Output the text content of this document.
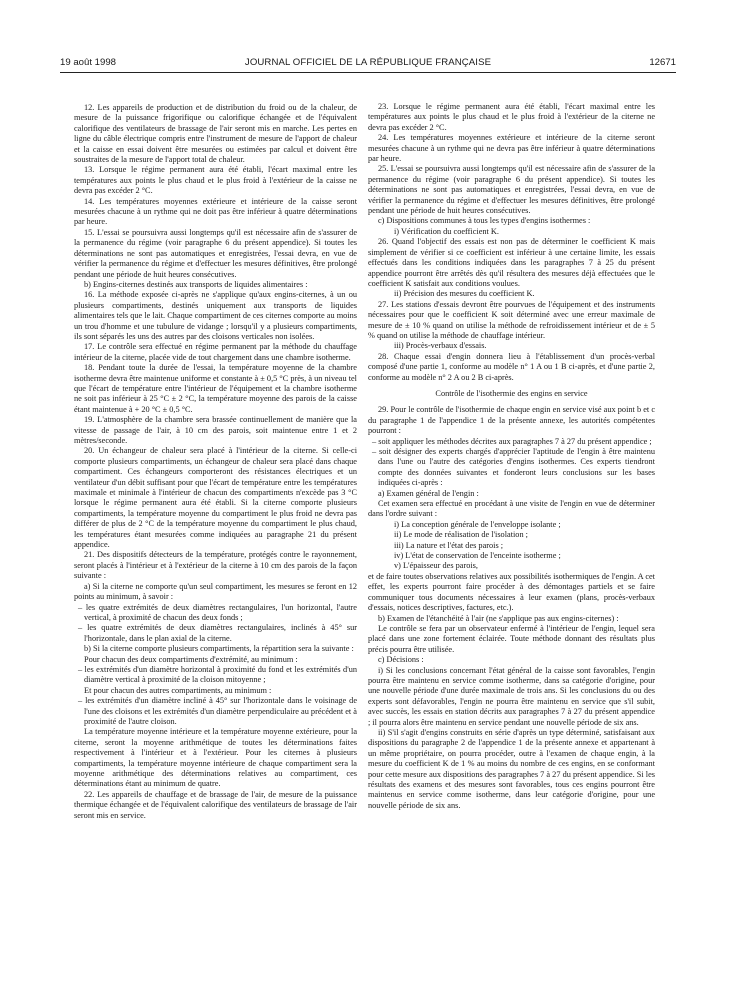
19 août 1998	JOURNAL OFFICIEL DE LA RÉPUBLIQUE FRANÇAISE	12671

12. Les appareils de production et de distribution du froid ou de la chaleur, de mesure de la puissance frigorifique ou calorifique échangée et de l'équivalent calorifique des ventilateurs de brassage de l'air seront mis en marche. Les pertes en ligne du câble électrique compris entre l'instrument de mesure de l'apport de chaleur et la caisse en essai doivent être mesurées ou estimées par calcul et doivent être soustraites de la mesure de l'apport total de chaleur.

13. Lorsque le régime permanent aura été établi, l'écart maximal entre les températures aux points le plus chaud et le plus froid à l'extérieur de la caisse ne devra pas excéder 2 °C.

14. Les températures moyennes extérieure et intérieure de la caisse seront mesurées chacune à un rythme qui ne doit pas être inférieur à quatre déterminations par heure.

15. L'essai se poursuivra aussi longtemps qu'il est nécessaire afin de s'assurer de la permanence du régime (voir paragraphe 6 du présent appendice). Si toutes les déterminations ne sont pas automatiques et enregistrées, l'essai devra, en vue de vérifier la permanence du régime et d'effectuer les mesures définitives, être prolongé pendant une période de huit heures consécutives.

b) Engins-citernes destinés aux transports de liquides alimentaires :

16. La méthode exposée ci-après ne s'applique qu'aux engins-citernes, à un ou plusieurs compartiments, destinés uniquement aux transports de liquides alimentaires tels que le lait. Chaque compartiment de ces citernes comporte au moins un trou d'homme et une tubulure de vidange ; lorsqu'il y a plusieurs compartiments, ils sont séparés les uns des autres par des cloisons verticales non isolées.

17. Le contrôle sera effectué en régime permanent par la méthode du chauffage intérieur de la citerne, placée vide de tout chargement dans une chambre isotherme.

18. Pendant toute la durée de l'essai, la température moyenne de la chambre isotherme devra être maintenue uniforme et constante à ± 0,5 °C près, à un niveau tel que l'écart de température entre l'intérieur de l'équipement et la chambre isotherme ne soit pas inférieur à 25 °C ± 2 °C, la température moyenne des parois de la caisse étant maintenue à + 20 °C ± 0,5 °C.

19. L'atmosphère de la chambre sera brassée continuellement de manière que la vitesse de passage de l'air, à 10 cm des parois, soit maintenue entre 1 et 2 mètres/seconde.

20. Un échangeur de chaleur sera placé à l'intérieur de la citerne. Si celle-ci comporte plusieurs compartiments, un échangeur de chaleur sera placé dans chaque compartiment. Ces échangeurs comporteront des résistances électriques et un ventilateur d'un débit suffisant pour que l'écart de température entre les températures maximale et minimale à l'intérieur de chacun des compartiments n'excède pas 3 °C lorsque le régime permanent aura été établi. Si la citerne comporte plusieurs compartiments, la température moyenne du compartiment le plus froid ne devra pas différer de plus de 2 °C de la température moyenne du compartiment le plus chaud, les températures étant mesurées comme indiquées au paragraphe 21 du présent appendice.

21. Des dispositifs détecteurs de la température, protégés contre le rayonnement, seront placés à l'intérieur et à l'extérieur de la citerne à 10 cm des parois de la façon suivante :

a) Si la citerne ne comporte qu'un seul compartiment, les mesures se feront en 12 points au minimum, à savoir :

– les quatre extrémités de deux diamètres rectangulaires, l'un horizontal, l'autre vertical, à proximité de chacun des deux fonds ;

– les quatre extrémités de deux diamètres rectangulaires, inclinés à 45° sur l'horizontale, dans le plan axial de la citerne.

b) Si la citerne comporte plusieurs compartiments, la répartition sera la suivante :

Pour chacun des deux compartiments d'extrémité, au minimum :

– les extrémités d'un diamètre horizontal à proximité du fond et les extrémités d'un diamètre vertical à proximité de la cloison mitoyenne ;

Et pour chacun des autres compartiments, au minimum :

– les extrémités d'un diamètre incliné à 45° sur l'horizontale dans le voisinage de l'une des cloisons et les extrémités d'un diamètre perpendiculaire au précédent et à proximité de l'autre cloison.

La température moyenne intérieure et la température moyenne extérieure, pour la citerne, seront la moyenne arithmétique de toutes les déterminations faites respectivement à l'intérieur et à l'extérieur. Pour les citernes à plusieurs compartiments, la température moyenne intérieure de chaque compartiment sera la moyenne arithmétique des déterminations relatives au compartiment, ces déterminations étant au minimum de quatre.

22. Les appareils de chauffage et de brassage de l'air, de mesure de la puissance thermique échangée et de l'équivalent calorifique des ventilateurs de brassage de l'air seront mis en service.

23. Lorsque le régime permanent aura été établi, l'écart maximal entre les températures aux points le plus chaud et le plus froid à l'extérieur de la citerne ne devra pas excéder 2 °C.

24. Les températures moyennes extérieure et intérieure de la citerne seront mesurées chacune à un rythme qui ne devra pas être inférieur à quatre déterminations par heure.

25. L'essai se poursuivra aussi longtemps qu'il est nécessaire afin de s'assurer de la permanence du régime (voir paragraphe 6 du présent appendice). Si toutes les déterminations ne sont pas automatiques et enregistrées, l'essai devra, en vue de vérifier la permanence du régime et d'effectuer les mesures définitives, être prolongé pendant une période de huit heures consécutives.

c) Dispositions communes à tous les types d'engins isothermes :

i) Vérification du coefficient K.

26. Quand l'objectif des essais est non pas de déterminer le coefficient K mais simplement de vérifier si ce coefficient est inférieur à une certaine limite, les essais effectués dans les conditions indiquées dans les paragraphes 7 à 25 du présent appendice pourront être arrêtés dès qu'il résultera des mesures déjà effectuées que le coefficient K satisfait aux conditions voulues.

ii) Précision des mesures du coefficient K.

27. Les stations d'essais devront être pourvues de l'équipement et des instruments nécessaires pour que le coefficient K soit déterminé avec une erreur maximale de mesure de ± 10 % quand on utilise la méthode de refroidissement intérieur et de ± 5 % quand on utilise la méthode de chauffage intérieur.

iii) Procès-verbaux d'essais.

28. Chaque essai d'engin donnera lieu à l'établissement d'un procès-verbal composé d'une partie 1, conforme au modèle n° 1 A ou 1 B ci-après, et d'une partie 2, conforme au modèle n° 2 A ou 2 B ci-après.

Contrôle de l'isothermie des engins en service

29. Pour le contrôle de l'isothermie de chaque engin en service visé aux point b et c du paragraphe 1 de l'appendice 1 de la présente annexe, les autorités compétentes pourront :

– soit appliquer les méthodes décrites aux paragraphes 7 à 27 du présent appendice ;

– soit désigner des experts chargés d'apprécier l'aptitude de l'engin à être maintenu dans l'une ou l'autre des catégories d'engins isothermes. Ces experts tiendront compte des données suivantes et fonderont leurs conclusions sur les bases indiquées ci-après :

a) Examen général de l'engin :

Cet examen sera effectué en procédant à une visite de l'engin en vue de déterminer dans l'ordre suivant :

i) La conception générale de l'enveloppe isolante ;

ii) Le mode de réalisation de l'isolation ;

iii) La nature et l'état des parois ;

iv) L'état de conservation de l'enceinte isotherme ;

v) L'épaisseur des parois,

et de faire toutes observations relatives aux possibilités isothermiques de l'engin. A cet effet, les experts pourront faire procéder à des démontages partiels et se faire communiquer tous documents nécessaires à leur examen (plans, procès-verbaux d'essais, notices descriptives, factures, etc.).

b) Examen de l'étanchéité à l'air (ne s'applique pas aux engins-citernes) :

Le contrôle se fera par un observateur enfermé à l'intérieur de l'engin, lequel sera placé dans une zone fortement éclairée. Toute méthode donnant des résultats plus précis pourra être utilisée.

c) Décisions :

i) Si les conclusions concernant l'état général de la caisse sont favorables, l'engin pourra être maintenu en service comme isotherme, dans sa catégorie d'origine, pour une nouvelle période d'une durée maximale de trois ans. Si les conclusions du ou des experts sont défavorables, l'engin ne pourra être maintenu en service que s'il subit, avec succès, les essais en station décrits aux paragraphes 7 à 27 du présent appendice ; il pourra alors être maintenu en service pendant une nouvelle période de six ans.

ii) S'il s'agit d'engins construits en série d'après un type déterminé, satisfaisant aux dispositions du paragraphe 2 de l'appendice 1 de la présente annexe et appartenant à un même propriétaire, on pourra procéder, outre à l'examen de chaque engin, à la mesure du coefficient K de 1 % au moins du nombre de ces engins, en se conformant pour cette mesure aux dispositions des paragraphes 7 à 27 du présent appendice. Si les résultats des examens et des mesures sont favorables, tous ces engins pourront être maintenus en service comme isotherme, dans leur catégorie d'origine, pour une nouvelle période de six ans.
